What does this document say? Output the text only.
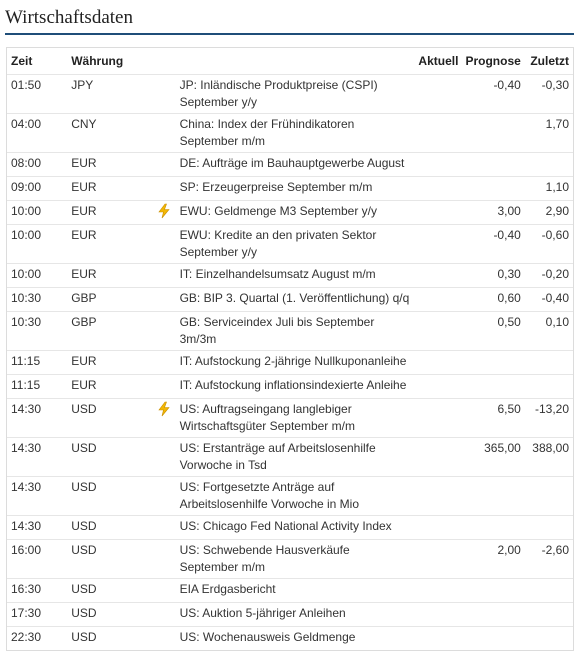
Wirtschaftsdaten
Zeit	Währung			Aktuell	Prognose	Zuletzt
01:50	JPY		JP: Inländische Produktpreise (CSPI) September y/y		-0,40	-0,30
04:00	CNY		China: Index der Frühindikatoren September m/m			1,70
08:00	EUR		DE: Aufträge im Bauhauptgewerbe August			
09:00	EUR		SP: Erzeugerpreise September m/m			1,10
10:00	EUR		EWU: Geldmenge M3 September y/y		3,00	2,90
10:00	EUR		EWU: Kredite an den privaten Sektor September y/y		-0,40	-0,60
10:00	EUR		IT: Einzelhandelsumsatz August m/m		0,30	-0,20
10:30	GBP		GB: BIP 3. Quartal (1. Veröffentlichung) q/q		0,60	-0,40
10:30	GBP		GB: Serviceindex Juli bis September 3m/3m		0,50	0,10
11:15	EUR		IT: Aufstockung 2-jährige Nullkuponanleihe			
11:15	EUR		IT: Aufstockung inflationsindexierte Anleihe			
14:30	USD		US: Auftragseingang langlebiger Wirtschaftsgüter September m/m		6,50	-13,20
14:30	USD		US: Erstanträge auf Arbeitslosenhilfe Vorwoche in Tsd		365,00	388,00
14:30	USD		US: Fortgesetzte Anträge auf Arbeitslosenhilfe Vorwoche in Mio			
14:30	USD		US: Chicago Fed National Activity Index			
16:00	USD		US: Schwebende Hausverkäufe September m/m		2,00	-2,60
16:30	USD		EIA Erdgasbericht			
17:30	USD		US: Auktion 5-jähriger Anleihen			
22:30	USD		US: Wochenausweis Geldmenge			
